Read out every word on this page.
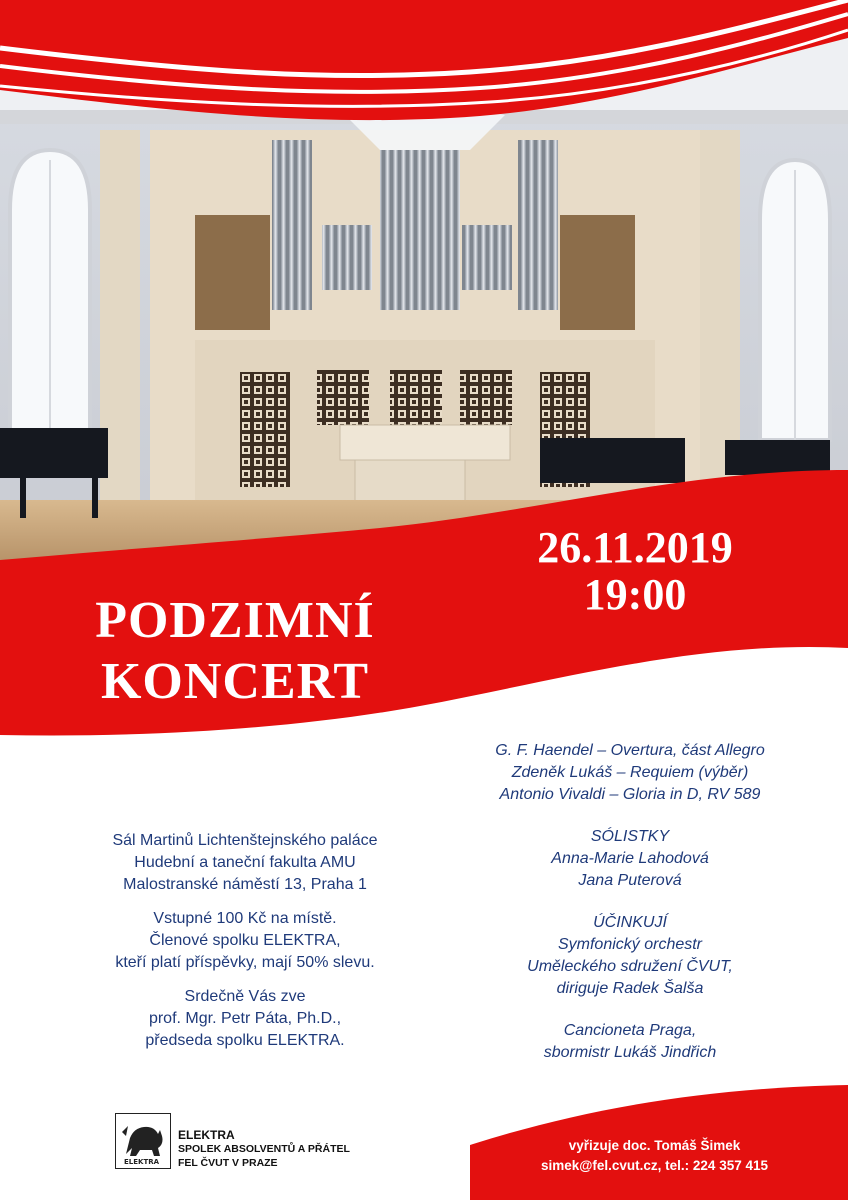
PODZIMNÍ
KONCERT
26.11.2019
19:00
Sál Martinů Lichtenštejnského paláce
Hudební a taneční fakulta AMU
Malostranské náměstí 13, Praha 1
Vstupné 100 Kč na místě.
Členové spolku ELEKTRA,
kteří platí příspěvky, mají 50% slevu.
Srdečně Vás zve
prof. Mgr. Petr Páta, Ph.D.,
předseda spolku ELEKTRA.
G. F. Haendel – Overtura, část Allegro
Zdeněk Lukáš – Requiem (výběr)
Antonio Vivaldi – Gloria in D, RV 589
SÓLISTKY
Anna-Marie Lahodová
Jana Puterová
ÚČINKUJÍ
Symfonický orchestr
Uměleckého sdružení ČVUT,
diriguje Radek Šalša
Cancioneta Praga,
sbormistr Lukáš Jindřich
ELEKTRA
ELEKTRA
SPOLEK ABSOLVENTŮ A PŘÁTEL
FEL ČVUT V PRAZE
vyřizuje doc. Tomáš Šimek
simek@fel.cvut.cz, tel.: 224 357 415
